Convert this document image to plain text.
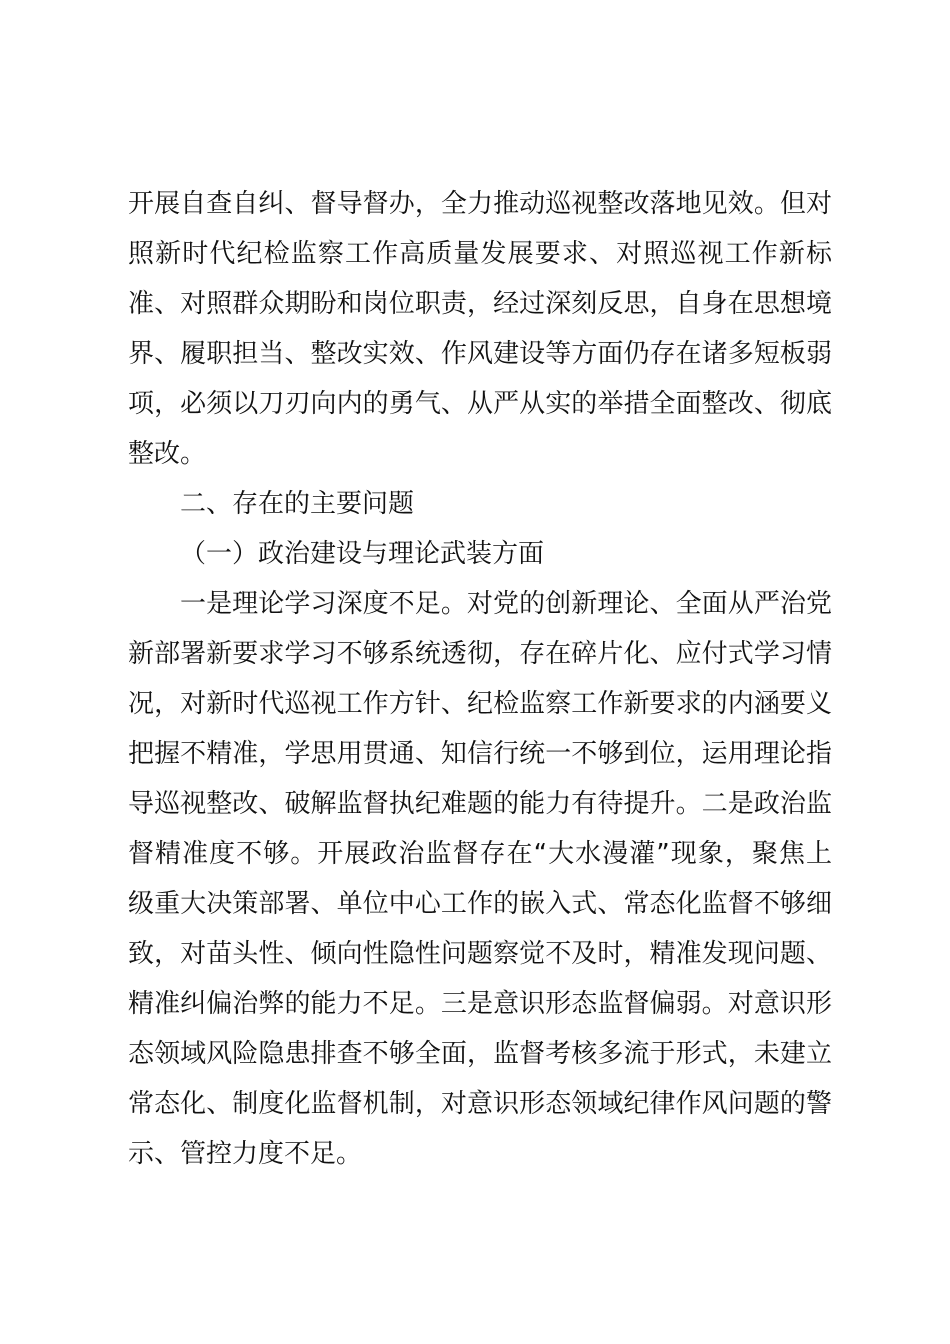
开展自查自纠、督导督办，全力推动巡视整改落地见效。但对
照新时代纪检监察工作高质量发展要求、对照巡视工作新标
准、对照群众期盼和岗位职责，经过深刻反思，自身在思想境
界、履职担当、整改实效、作风建设等方面仍存在诸多短板弱
项，必须以刀刃向内的勇气、从严从实的举措全面整改、彻底
整改。
二、存在的主要问题
（一）政治建设与理论武装方面
一是理论学习深度不足。对党的创新理论、全面从严治党
新部署新要求学习不够系统透彻，存在碎片化、应付式学习情
况，对新时代巡视工作方针、纪检监察工作新要求的内涵要义
把握不精准，学思用贯通、知信行统一不够到位，运用理论指
导巡视整改、破解监督执纪难题的能力有待提升。二是政治监
督精准度不够。开展政治监督存在“大水漫灌”现象，聚焦上
级重大决策部署、单位中心工作的嵌入式、常态化监督不够细
致，对苗头性、倾向性隐性问题察觉不及时，精准发现问题、
精准纠偏治弊的能力不足。三是意识形态监督偏弱。对意识形
态领域风险隐患排查不够全面，监督考核多流于形式，未建立
常态化、制度化监督机制，对意识形态领域纪律作风问题的警
示、管控力度不足。
